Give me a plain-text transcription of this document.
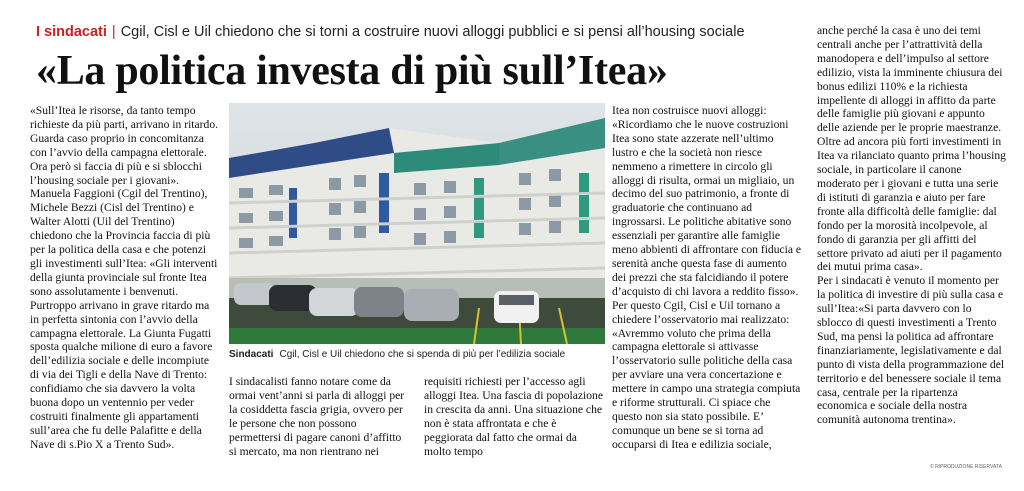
I sindacati | Cgil, Cisl e Uil chiedono che si torni a costruire nuovi alloggi pubblici e si pensi all’housing sociale
«La politica investa di più sull’Itea»

«Sull’Itea le risorse, da tanto tempo richieste da più parti, arrivano in ritardo. Guarda caso proprio in concomitanza con l’avvio della campagna elettorale. Ora però si faccia di più e si sblocchi l’housing sociale per i giovani». Manuela Faggioni (Cgil del Trentino), Michele Bezzi (Cisl del Trentino) e Walter Alotti (Uil del Trentino) chiedono che la Provincia faccia di più per la politica della casa e che potenzi gli investimenti sull’Itea: «Gli interventi della giunta provinciale sul fronte Itea sono assolutamente i benvenuti. Purtroppo arrivano in grave ritardo ma in perfetta sintonia con l’avvio della campagna elettorale. La Giunta Fugatti sposta qualche milione di euro a favore dell’edilizia sociale e delle incompiute di via dei Tigli e della Nave di Trento: confidiamo che sia davvero la volta buona dopo un ventennio per veder costruiti finalmente gli appartamenti sull’area che fu delle Palafitte e della Nave di s.Pio X a Trento Sud».

Sindacati Cgil, Cisl e Uil chiedono che si spenda di più per l’edilizia sociale

I sindacalisti fanno notare come da ormai vent’anni si parla di alloggi per la cosiddetta fascia grigia, ovvero per le persone che non possono permettersi di pagare canoni d’affitto si mercato, ma non rientrano nei requisiti richiesti per l’accesso agli alloggi Itea. Una fascia di popolazione in crescita da anni. Una situazione che non è stata affrontata e che è peggiorata dal fatto che ormai da molto tempo

Itea non costruisce nuovi alloggi: «Ricordiamo che le nuove costruzioni Itea sono state azzerate nell’ultimo lustro e che la società non riesce nemmeno a rimettere in circolo gli alloggi di risulta, ormai un migliaio, un decimo del suo patrimonio, a fronte di graduatorie che continuano ad ingrossarsi. Le politiche abitative sono essenziali per garantire alle famiglie meno abbienti di affrontare con fiducia e serenità anche questa fase di aumento dei prezzi che sta falcidiando il potere d’acquisto di chi lavora a reddito fisso».
Per questo Cgil, Cisl e Uil tornano a chiedere l’osservatorio mai realizzato: «Avremmo voluto che prima della campagna elettorale si attivasse l’osservatorio sulle politiche della casa per avviare una vera concertazione e mettere in campo una strategia compiuta e riforme strutturali. Ci spiace che questo non sia stato possibile. E’ comunque un bene se si torna ad occuparsi di Itea e edilizia sociale,

anche perché la casa è uno dei temi centrali anche per l’attrattività della manodopera e dell’impulso al settore edilizio, vista la imminente chiusura dei bonus edilizi 110% e la richiesta impellente di alloggi in affitto da parte delle famiglie più giovani e appunto delle aziende per le proprie maestranze. Oltre ad ancora più forti investimenti in Itea va rilanciato quanto prima l’housing sociale, in particolare il canone moderato per i giovani e tutta una serie di istituti di garanzia e aiuto per fare fronte alla difficoltà delle famiglie: dal fondo per la morosità incolpevole, al fondo di garanzia per gli affitti del settore privato ad aiuti per il pagamento dei mutui prima casa».
Per i sindacati è venuto il momento per la politica di investire di più sulla casa e sull’Itea:«Si parta davvero con lo sblocco di questi investimenti a Trento Sud, ma pensi la politica ad affrontare finanziariamente, legislativamente e dal punto di vista della programmazione del territorio e del benessere sociale il tema casa, centrale per la ripartenza economica e sociale della nostra comunità autonoma trentina».

© RIPRODUZIONE RISERVATA
